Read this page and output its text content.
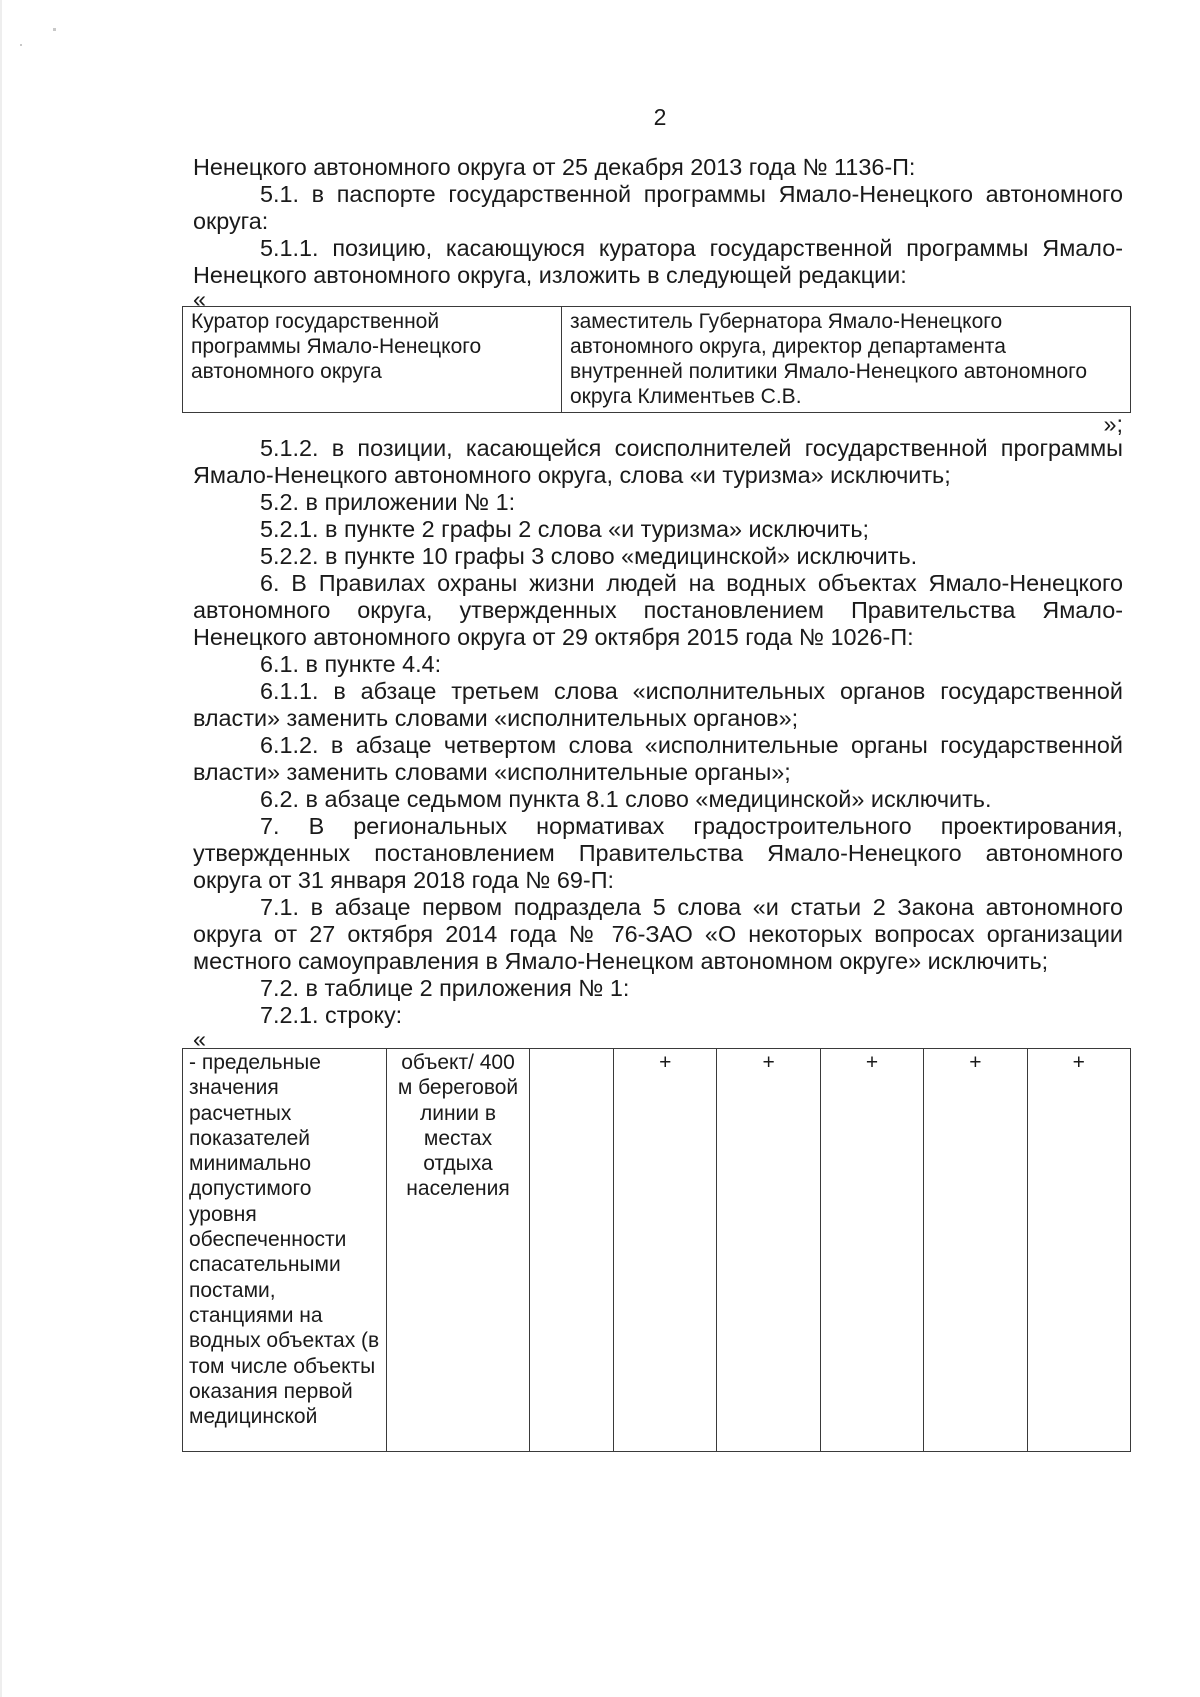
2

Ненецкого автономного округа от 25 декабря 2013 года № 1136-П:

5.1. в паспорте государственной программы Ямало-Ненецкого автономного округа:

5.1.1. позицию, касающуюся куратора государственной программы Ямало-Ненецкого автономного округа, изложить в следующей редакции:

«

Куратор государственной программы Ямало-Ненецкого автономного округа	заместитель Губернатора Ямало-Ненецкого автономного округа, директор департамента внутренней политики Ямало-Ненецкого автономного округа Климентьев С.В.

»;

5.1.2. в позиции, касающейся соисполнителей государственной программы Ямало-Ненецкого автономного округа, слова «и туризма» исключить;

5.2. в приложении № 1:

5.2.1. в пункте 2 графы 2 слова «и туризма» исключить;

5.2.2. в пункте 10 графы 3 слово «медицинской» исключить.

6. В Правилах охраны жизни людей на водных объектах Ямало-Ненецкого автономного округа, утвержденных постановлением Правительства Ямало-Ненецкого автономного округа от 29 октября 2015 года № 1026-П:

6.1. в пункте 4.4:

6.1.1. в абзаце третьем слова «исполнительных органов государственной власти» заменить словами «исполнительных органов»;

6.1.2. в абзаце четвертом слова «исполнительные органы государственной власти» заменить словами «исполнительные органы»;

6.2. в абзаце седьмом пункта 8.1 слово «медицинской» исключить.

7. В региональных нормативах градостроительного проектирования, утвержденных постановлением Правительства Ямало-Ненецкого автономного округа от 31 января 2018 года № 69-П:

7.1. в абзаце первом подраздела 5 слова «и статьи 2 Закона автономного округа от 27 октября 2014 года № 76-ЗАО «О некоторых вопросах организации местного самоуправления в Ямало-Ненецком автономном округе» исключить;

7.2. в таблице 2 приложения № 1:

7.2.1. строку:

«

- предельные значения расчетных показателей минимально допустимого уровня обеспеченности спасательными постами, станциями на водных объектах (в том числе объекты оказания первой медицинской	объект/ 400 м береговой линии в местах отдыха населения		+	+	+	+	+
